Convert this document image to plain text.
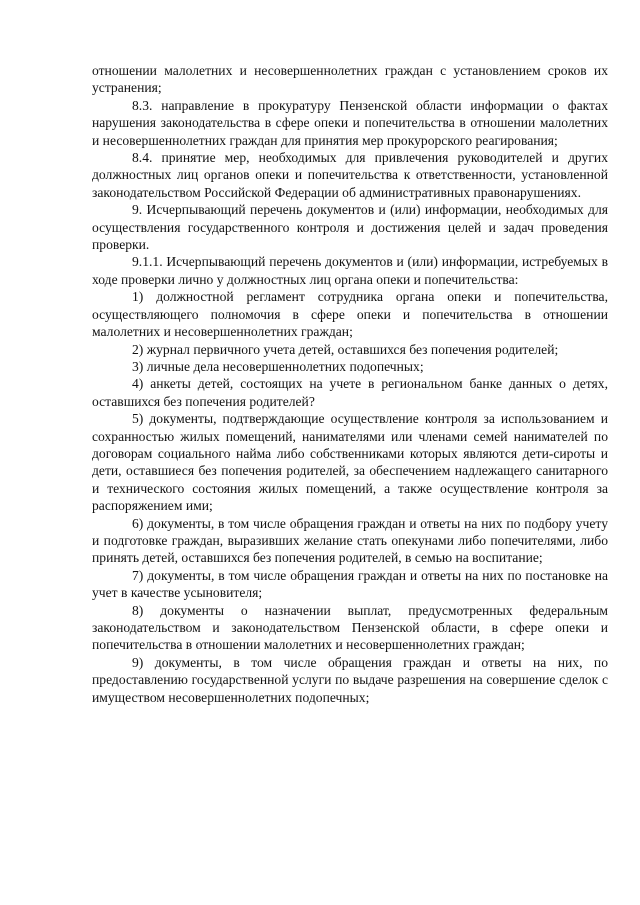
отношении малолетних и несовершеннолетних граждан с установлением сроков их устранения;

8.3. направление в прокуратуру Пензенской области информации о фактах нарушения законодательства в сфере опеки и попечительства в отношении малолетних и несовершеннолетних граждан для принятия мер прокурорского реагирования;

8.4. принятие мер, необходимых для привлечения руководителей и других должностных лиц органов опеки и попечительства к ответственности, установленной законодательством Российской Федерации об административных правонарушениях.

9. Исчерпывающий перечень документов и (или) информации, необходимых для осуществления государственного контроля и достижения целей и задач проведения проверки.

9.1.1. Исчерпывающий перечень документов и (или) информации, истребуемых в ходе проверки лично у должностных лиц органа опеки и попечительства:

1) должностной регламент сотрудника органа опеки и попечительства, осуществляющего полномочия в сфере опеки и попечительства в отношении малолетних и несовершеннолетних граждан;

2) журнал первичного учета детей, оставшихся без попечения родителей;

3) личные дела несовершеннолетних подопечных;

4) анкеты детей, состоящих на учете в региональном банке данных о детях, оставшихся без попечения родителей?

5) документы, подтверждающие осуществление контроля за использованием и сохранностью жилых помещений, нанимателями или членами семей нанимателей по договорам социального найма либо собственниками которых являются дети-сироты и дети, оставшиеся без попечения родителей, за обеспечением надлежащего санитарного и технического состояния жилых помещений, а также осуществление контроля за распоряжением ими;

6) документы, в том числе обращения граждан и ответы на них по подбору учету и подготовке граждан, выразивших желание стать опекунами либо попечителями, либо принять детей, оставшихся без попечения родителей, в семью на воспитание;

7) документы, в том числе обращения граждан и ответы на них по постановке на учет в качестве усыновителя;

8) документы о назначении выплат, предусмотренных федеральным законодательством и законодательством Пензенской области, в сфере опеки и попечительства в отношении малолетних и несовершеннолетних граждан;

9) документы, в том числе обращения граждан и ответы на них, по предоставлению государственной услуги по выдаче разрешения на совершение сделок с имуществом несовершеннолетних подопечных;
